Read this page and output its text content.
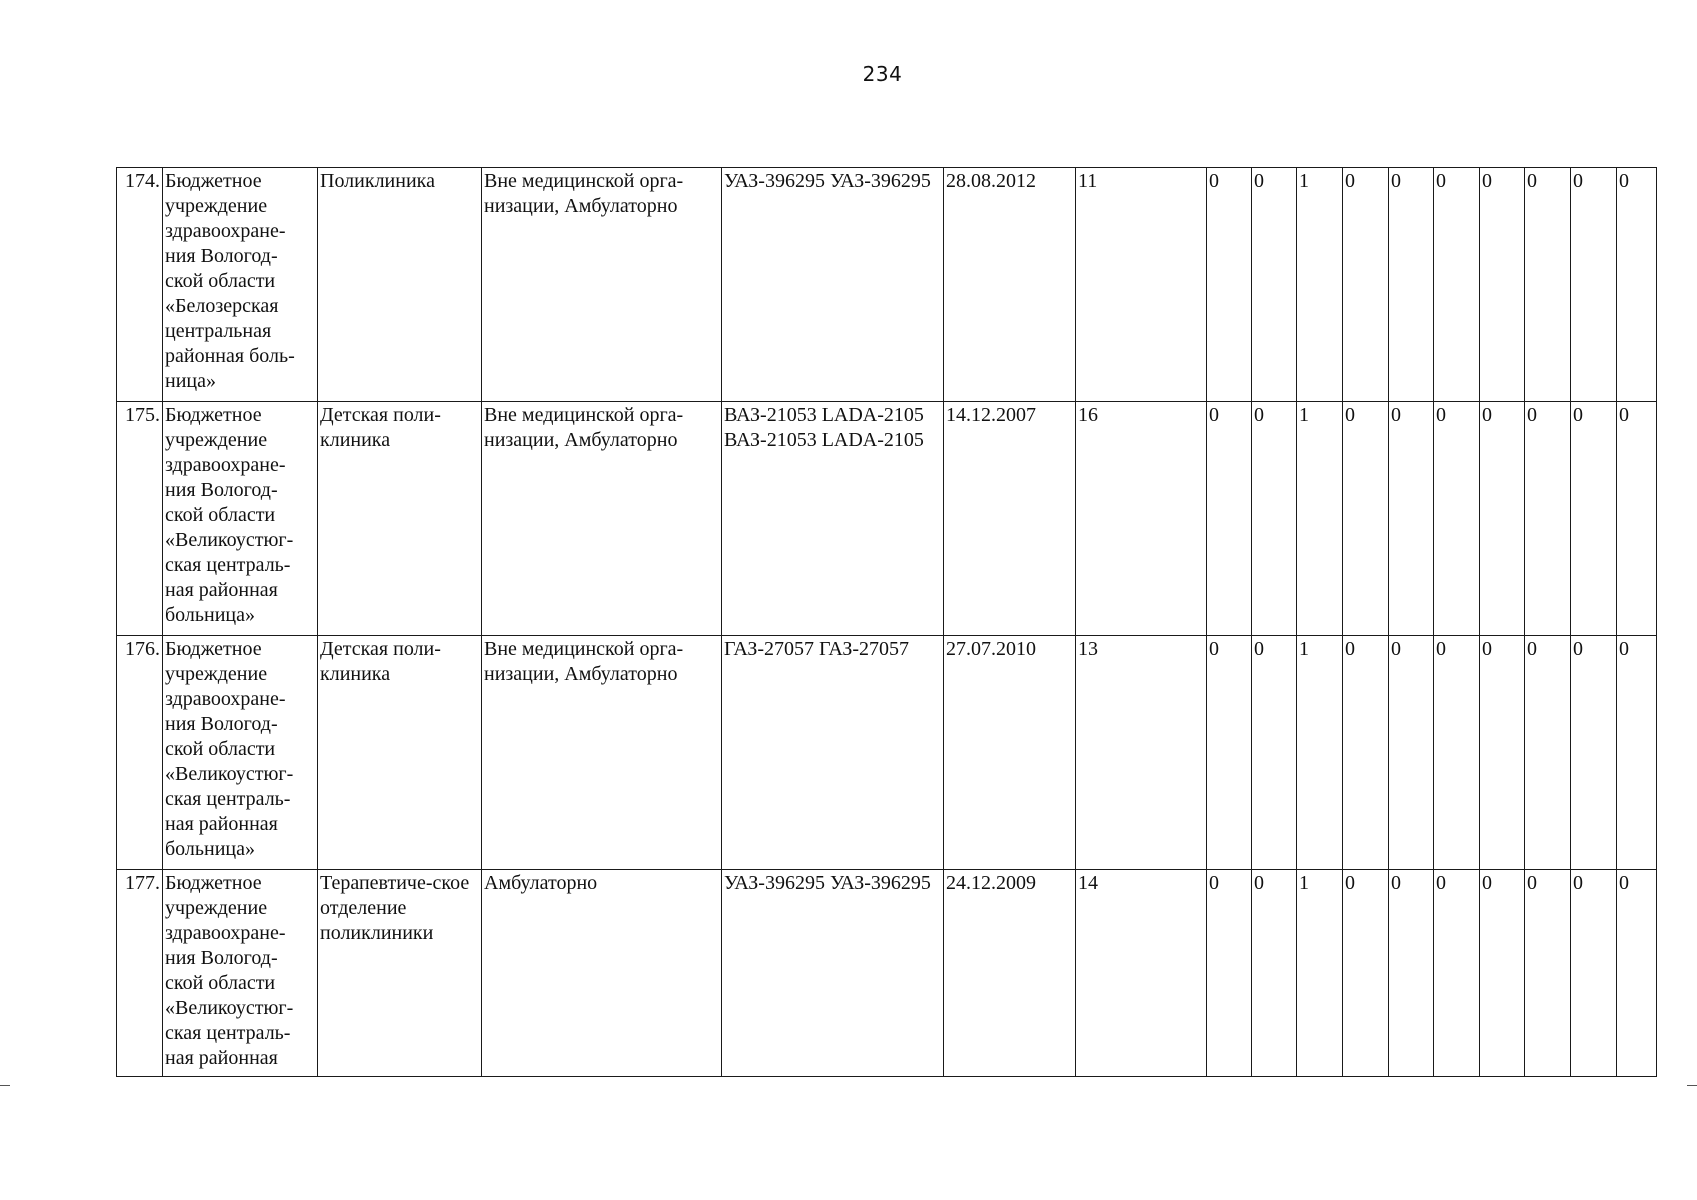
234
174.	Бюджетное учреждение здравоохране-ния Вологод-ской области «Белозерская центральная районная боль-ница»	Поликлиника	Вне медицинской орга-низации, Амбулаторно	УАЗ-396295 УАЗ-396295	28.08.2012	11	0	0	1	0	0	0	0	0	0	0
175.	Бюджетное учреждение здравоохране-ния Вологод-ской области «Великоустюг-ская централь-ная районная больница»	Детская поли-клиника	Вне медицинской орга-низации, Амбулаторно	ВАЗ-21053 LADA-2105 ВАЗ-21053 LADA-2105	14.12.2007	16	0	0	1	0	0	0	0	0	0	0
176.	Бюджетное учреждение здравоохране-ния Вологод-ской области «Великоустюг-ская централь-ная районная больница»	Детская поли-клиника	Вне медицинской орга-низации, Амбулаторно	ГАЗ-27057 ГАЗ-27057	27.07.2010	13	0	0	1	0	0	0	0	0	0	0
177.	Бюджетное учреждение здравоохране-ния Вологод-ской области «Великоустюг-ская централь-ная районная	Терапевтиче-ское отделение поликлиники	Амбулаторно	УАЗ-396295 УАЗ-396295	24.12.2009	14	0	0	1	0	0	0	0	0	0	0
